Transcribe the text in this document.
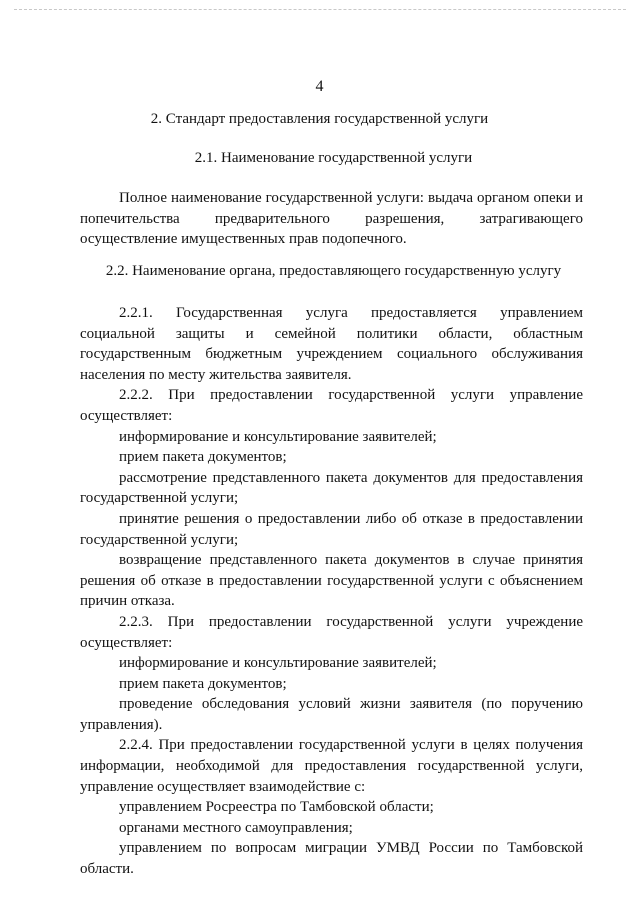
4
2. Стандарт предоставления государственной услуги
2.1. Наименование государственной услуги

Полное наименование государственной услуги: выдача органом опеки и попечительства предварительного разрешения, затрагивающего осуществление имущественных прав подопечного.

2.2. Наименование органа, предоставляющего государственную услугу

2.2.1. Государственная услуга предоставляется управлением социальной защиты и семейной политики области, областным государственным бюджетным учреждением социального обслуживания населения по месту жительства заявителя.

2.2.2. При предоставлении государственной услуги управление осуществляет:

информирование и консультирование заявителей;

прием пакета документов;

рассмотрение представленного пакета документов для предоставления государственной услуги;

принятие решения о предоставлении либо об отказе в предоставлении государственной услуги;

возвращение представленного пакета документов в случае принятия решения об отказе в предоставлении государственной услуги с объяснением причин отказа.

2.2.3. При предоставлении государственной услуги учреждение осуществляет:

информирование и консультирование заявителей;

прием пакета документов;

проведение обследования условий жизни заявителя (по поручению управления).

2.2.4. При предоставлении государственной услуги в целях получения информации, необходимой для предоставления государственной услуги, управление осуществляет взаимодействие с:

управлением Росреестра по Тамбовской области;

органами местного самоуправления;

управлением по вопросам миграции УМВД России по Тамбовской области.
